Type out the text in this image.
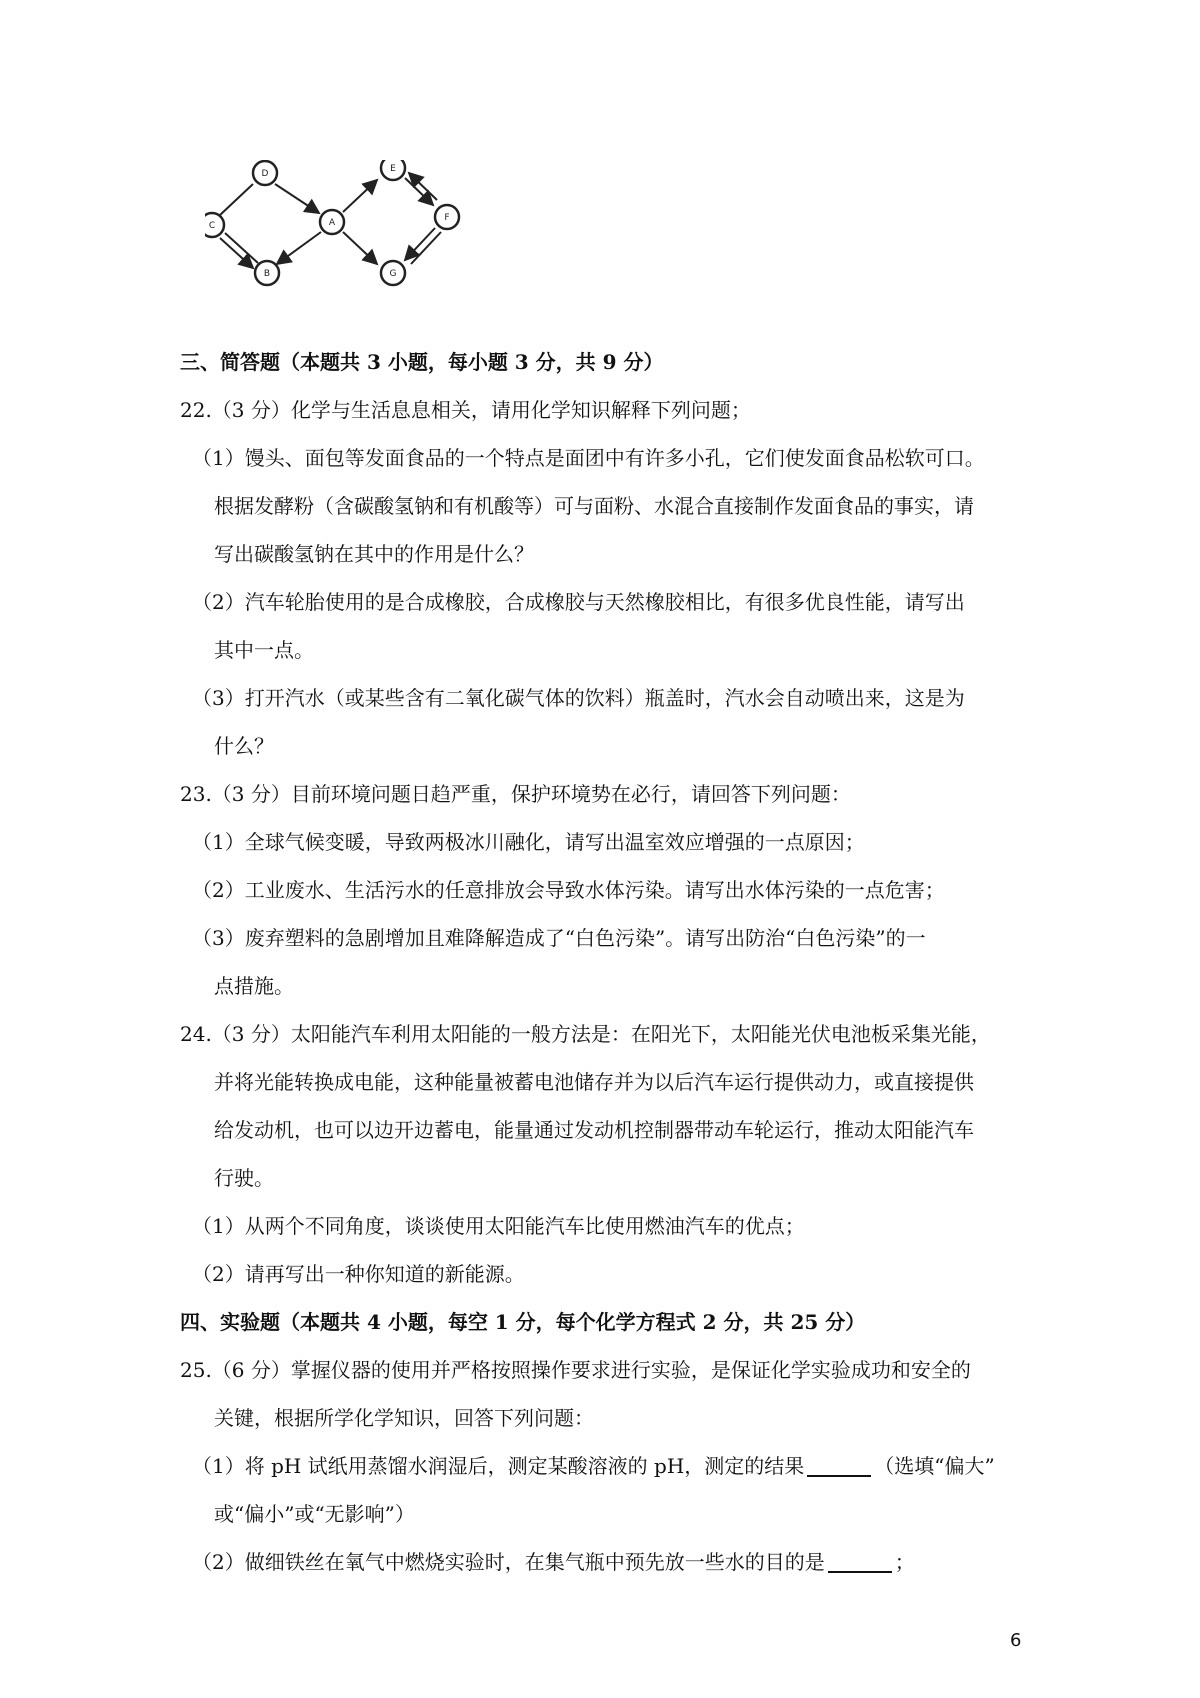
D
C	A
B
E
F
G
三、简答题（本题共 3 小题，每小题 3 分，共 9 分）
22.（3 分）化学与生活息息相关，请用化学知识解释下列问题；
（1）馒头、面包等发面食品的一个特点是面团中有许多小孔，它们使发面食品松软可口。
根据发酵粉（含碳酸氢钠和有机酸等）可与面粉、水混合直接制作发面食品的事实，请
写出碳酸氢钠在其中的作用是什么？
（2）汽车轮胎使用的是合成橡胶，合成橡胶与天然橡胶相比，有很多优良性能，请写出
其中一点。
（3）打开汽水（或某些含有二氧化碳气体的饮料）瓶盖时，汽水会自动喷出来，这是为
什么？
23.（3 分）目前环境问题日趋严重，保护环境势在必行，请回答下列问题：
（1）全球气候变暖，导致两极冰川融化，请写出温室效应增强的一点原因；
（2）工业废水、生活污水的任意排放会导致水体污染。请写出水体污染的一点危害；
（3）废弃塑料的急剧增加且难降解造成了“白色污染”。请写出防治“白色污染”的一
点措施。
24.（3 分）太阳能汽车利用太阳能的一般方法是：在阳光下，太阳能光伏电池板采集光能，
并将光能转换成电能，这种能量被蓄电池储存并为以后汽车运行提供动力，或直接提供
给发动机，也可以边开边蓄电，能量通过发动机控制器带动车轮运行，推动太阳能汽车
行驶。
（1）从两个不同角度，谈谈使用太阳能汽车比使用燃油汽车的优点；
（2）请再写出一种你知道的新能源。
四、实验题（本题共 4 小题，每空 1 分，每个化学方程式 2 分，共 25 分）
25.（6 分）掌握仪器的使用并严格按照操作要求进行实验，是保证化学实验成功和安全的
关键，根据所学化学知识，回答下列问题：
（1）将 pH 试纸用蒸馏水润湿后，测定某酸溶液的 pH，测定的结果	（选填“偏大”
或“偏小”或“无影响”）
（2）做细铁丝在氧气中燃烧实验时，在集气瓶中预先放一些水的目的是	；
6
